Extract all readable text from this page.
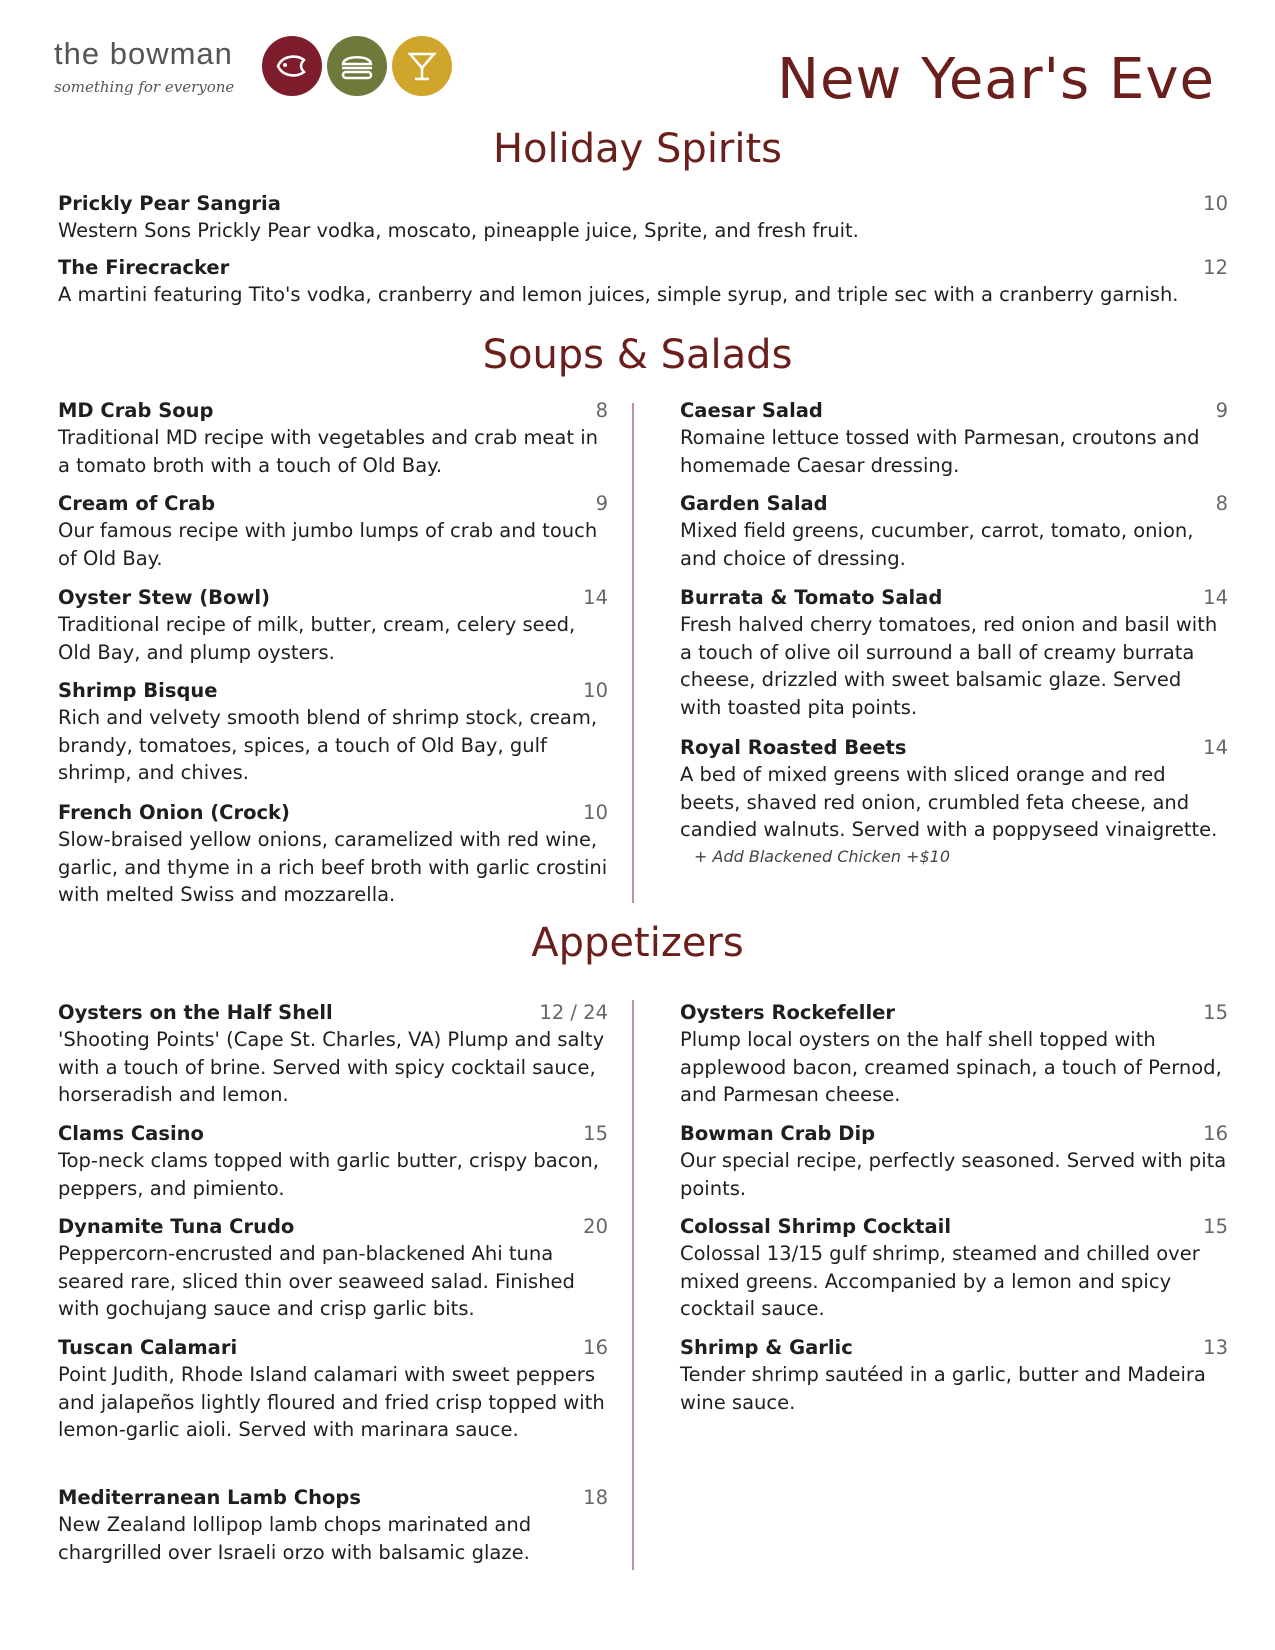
the bowman
something for everyone	New Year's Eve
Holiday Spirits
Prickly Pear Sangria	10
Western Sons Prickly Pear vodka, moscato, pineapple juice, Sprite, and fresh fruit.
The Firecracker	12
A martini featuring Tito's vodka, cranberry and lemon juices, simple syrup, and triple sec with a cranberry garnish.
Soups & Salads
MD Crab Soup	8
Traditional MD recipe with vegetables and crab meat in a tomato broth with a touch of Old Bay.
Cream of Crab	9
Our famous recipe with jumbo lumps of crab and touch of Old Bay.
Oyster Stew (Bowl)	14
Traditional recipe of milk, butter, cream, celery seed, Old Bay, and plump oysters.
Shrimp Bisque	10
Rich and velvety smooth blend of shrimp stock, cream, brandy, tomatoes, spices, a touch of Old Bay, gulf shrimp, and chives.
French Onion (Crock)	10
Slow-braised yellow onions, caramelized with red wine, garlic, and thyme in a rich beef broth with garlic crostini with melted Swiss and mozzarella.
Caesar Salad	9
Romaine lettuce tossed with Parmesan, croutons and homemade Caesar dressing.
Garden Salad	8
Mixed field greens, cucumber, carrot, tomato, onion, and choice of dressing.
Burrata & Tomato Salad	14
Fresh halved cherry tomatoes, red onion and basil with a touch of olive oil surround a ball of creamy burrata cheese, drizzled with sweet balsamic glaze. Served with toasted pita points.
Royal Roasted Beets	14
A bed of mixed greens with sliced orange and red beets, shaved red onion, crumbled feta cheese, and candied walnuts. Served with a poppyseed vinaigrette.
+ Add Blackened Chicken +$10
Appetizers
Oysters on the Half Shell	12 / 24
'Shooting Points' (Cape St. Charles, VA) Plump and salty with a touch of brine. Served with spicy cocktail sauce, horseradish and lemon.
Clams Casino	15
Top-neck clams topped with garlic butter, crispy bacon, peppers, and pimiento.
Dynamite Tuna Crudo	20
Peppercorn-encrusted and pan-blackened Ahi tuna seared rare, sliced thin over seaweed salad. Finished with gochujang sauce and crisp garlic bits.
Tuscan Calamari	16
Point Judith, Rhode Island calamari with sweet peppers and jalapeños lightly floured and fried crisp topped with lemon-garlic aioli. Served with marinara sauce.
Mediterranean Lamb Chops	18
New Zealand lollipop lamb chops marinated and chargrilled over Israeli orzo with balsamic glaze.
Oysters Rockefeller	15
Plump local oysters on the half shell topped with applewood bacon, creamed spinach, a touch of Pernod, and Parmesan cheese.
Bowman Crab Dip	16
Our special recipe, perfectly seasoned. Served with pita points.
Colossal Shrimp Cocktail	15
Colossal 13/15 gulf shrimp, steamed and chilled over mixed greens. Accompanied by a lemon and spicy cocktail sauce.
Shrimp & Garlic	13
Tender shrimp sautéed in a garlic, butter and Madeira wine sauce.
